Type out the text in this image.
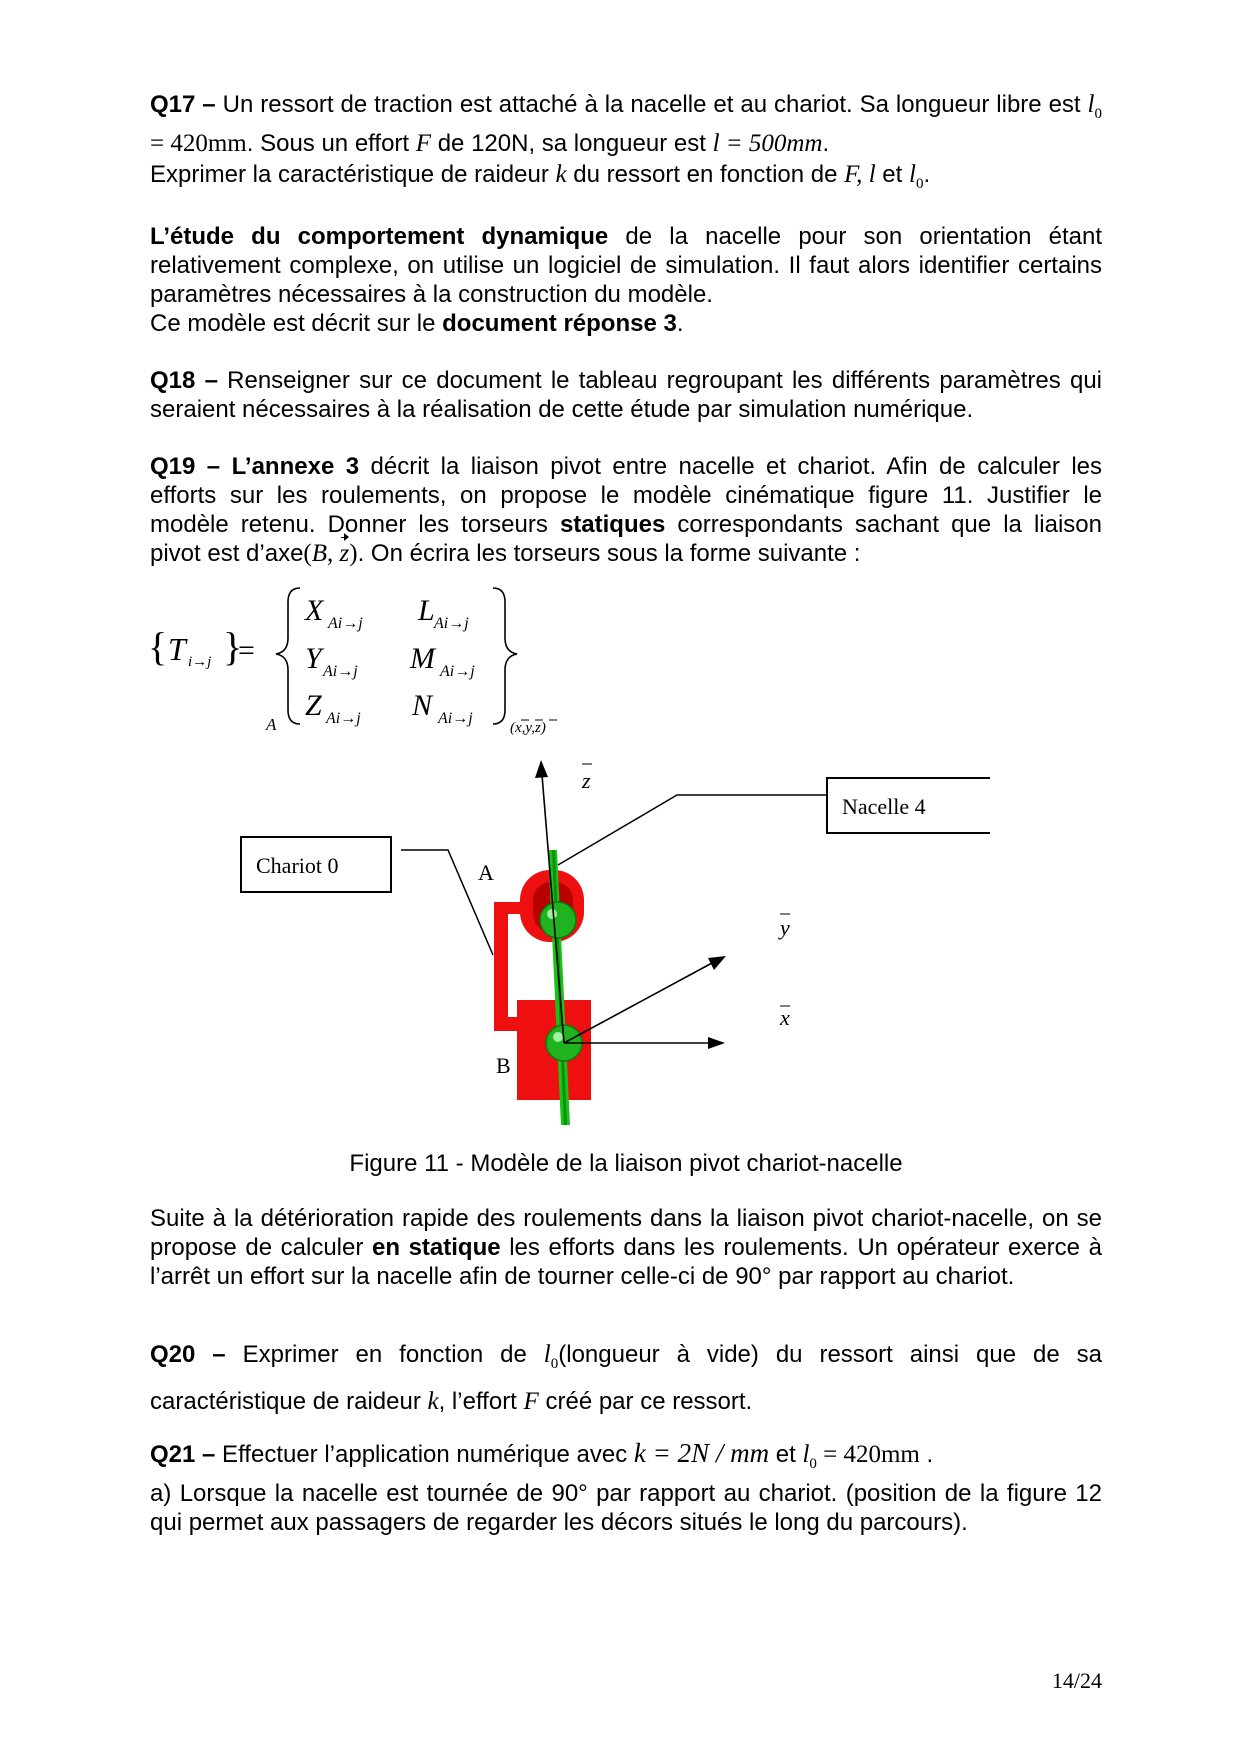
Q17 – Un ressort de traction est attaché à la nacelle et au chariot. Sa longueur libre est $l_0 = 420mm$. Sous un effort F de 120N, sa longueur est l = 500mm.
Exprimer la caractéristique de raideur k du ressort en fonction de F, l et $l_0$.
L’étude du comportement dynamique de la nacelle pour son orientation étant relativement complexe, on utilise un logiciel de simulation. Il faut alors identifier certains paramètres nécessaires à la construction du modèle.
Ce modèle est décrit sur le document réponse 3.
Q18 – Renseigner sur ce document le tableau regroupant les différents paramètres qui seraient nécessaires à la réalisation de cette étude par simulation numérique.
Q19 – L’annexe 3 décrit la liaison pivot entre nacelle et chariot. Afin de calculer les efforts sur les roulements, on propose le modèle cinématique figure 11. Justifier le modèle retenu. Donner les torseurs statiques correspondants sachant que la liaison pivot est d’axe(B, z). On écrira les torseurs sous la forme suivante :
{ T i→j }
=
A
X Ai→j L Ai→j
Y Ai→j M Ai→j
Z Ai→j N Ai→j
(x,y,z)
Nacelle 4
Chariot 0
z
y
x
A
B
Figure 11 - Modèle de la liaison pivot chariot-nacelle
Suite à la détérioration rapide des roulements dans la liaison pivot chariot-nacelle, on se propose de calculer en statique les efforts dans les roulements. Un opérateur exerce à l’arrêt un effort sur la nacelle afin de tourner celle-ci de 90° par rapport au chariot.
Q20 – Exprimer en fonction de $l_0(longueur$ à vide) du ressort ainsi que de sa caractéristique de raideur k, l’effort F créé par ce ressort.
Q21 – Effectuer l’application numérique avec k = 2N / mm et $l_0 = 420mm$ .
a) Lorsque la nacelle est tournée de 90° par rapport au chariot. (position de la figure 12 qui permet aux passagers de regarder les décors situés le long du parcours).
14/24
